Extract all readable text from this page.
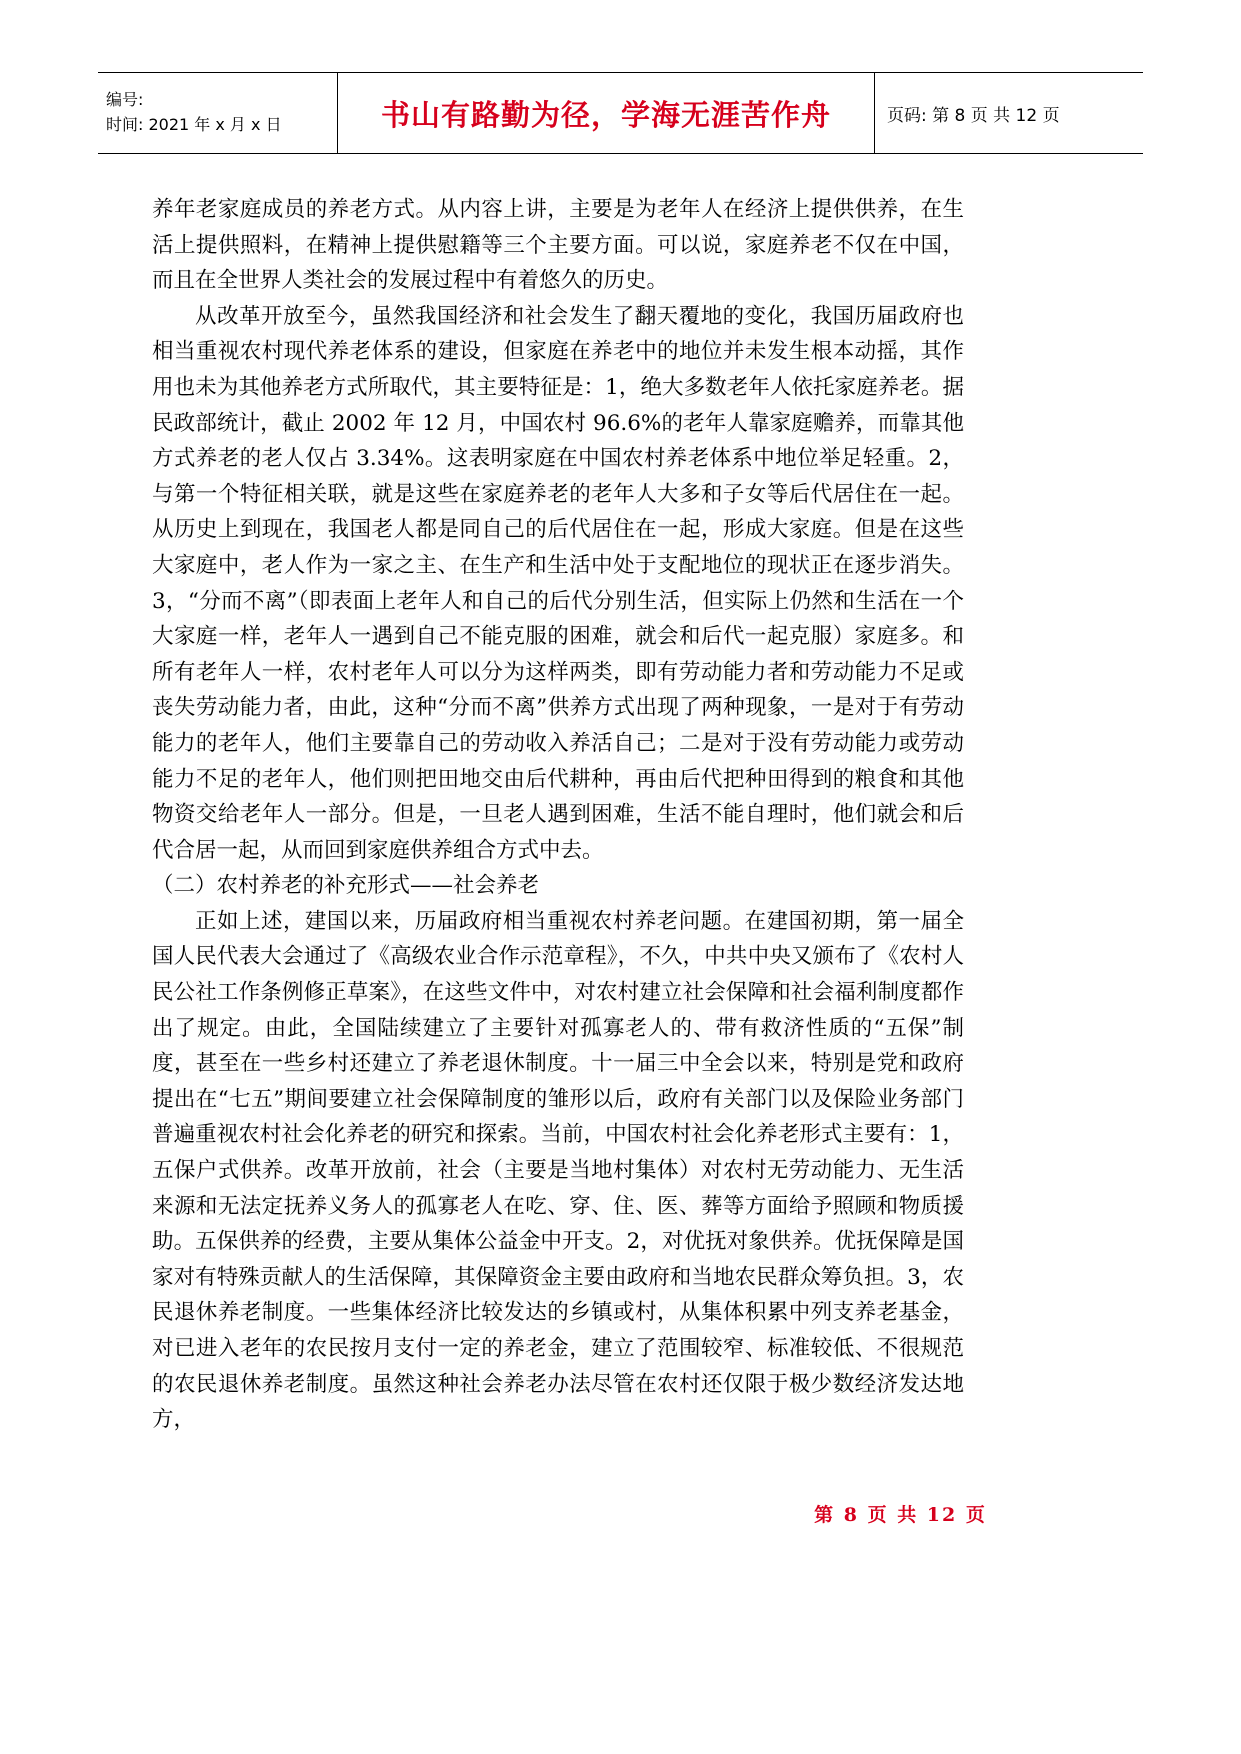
编号:
时间: 2021 年 x 月 x 日	书山有路勤为径，学海无涯苦作舟	页码: 第 8 页 共 12 页

养年老家庭成员的养老方式。从内容上讲，主要是为老年人在经济上提供供养，在生活上提供照料，在精神上提供慰籍等三个主要方面。可以说，家庭养老不仅在中国，而且在全世界人类社会的发展过程中有着悠久的历史。

从改革开放至今，虽然我国经济和社会发生了翻天覆地的变化，我国历届政府也相当重视农村现代养老体系的建设，但家庭在养老中的地位并未发生根本动摇，其作用也未为其他养老方式所取代，其主要特征是：1，绝大多数老年人依托家庭养老。据民政部统计，截止 2002 年 12 月，中国农村 96.6%的老年人靠家庭赡养，而靠其他方式养老的老人仅占 3.34%。这表明家庭在中国农村养老体系中地位举足轻重。2，与第一个特征相关联，就是这些在家庭养老的老年人大多和子女等后代居住在一起。从历史上到现在，我国老人都是同自己的后代居住在一起，形成大家庭。但是在这些大家庭中，老人作为一家之主、在生产和生活中处于支配地位的现状正在逐步消失。3，“分而不离”（即表面上老年人和自己的后代分别生活，但实际上仍然和生活在一个大家庭一样，老年人一遇到自己不能克服的困难，就会和后代一起克服）家庭多。和所有老年人一样，农村老年人可以分为这样两类，即有劳动能力者和劳动能力不足或丧失劳动能力者，由此，这种“分而不离”供养方式出现了两种现象，一是对于有劳动能力的老年人，他们主要靠自己的劳动收入养活自己；二是对于没有劳动能力或劳动能力不足的老年人，他们则把田地交由后代耕种，再由后代把种田得到的粮食和其他物资交给老年人一部分。但是，一旦老人遇到困难，生活不能自理时，他们就会和后代合居一起，从而回到家庭供养组合方式中去。

（二）农村养老的补充形式——社会养老

正如上述，建国以来，历届政府相当重视农村养老问题。在建国初期，第一届全国人民代表大会通过了《高级农业合作示范章程》，不久，中共中央又颁布了《农村人民公社工作条例修正草案》，在这些文件中，对农村建立社会保障和社会福利制度都作出了规定。由此，全国陆续建立了主要针对孤寡老人的、带有救济性质的“五保”制度，甚至在一些乡村还建立了养老退休制度。十一届三中全会以来，特别是党和政府提出在“七五”期间要建立社会保障制度的雏形以后，政府有关部门以及保险业务部门普遍重视农村社会化养老的研究和探索。当前，中国农村社会化养老形式主要有：1，五保户式供养。改革开放前，社会（主要是当地村集体）对农村无劳动能力、无生活来源和无法定抚养义务人的孤寡老人在吃、穿、住、医、葬等方面给予照顾和物质援助。五保供养的经费，主要从集体公益金中开支。2，对优抚对象供养。优抚保障是国家对有特殊贡献人的生活保障，其保障资金主要由政府和当地农民群众筹负担。3，农民退休养老制度。一些集体经济比较发达的乡镇或村，从集体积累中列支养老基金，对已进入老年的农民按月支付一定的养老金，建立了范围较窄、标准较低、不很规范的农民退休养老制度。虽然这种社会养老办法尽管在农村还仅限于极少数经济发达地方，

第 8 页 共 12 页
